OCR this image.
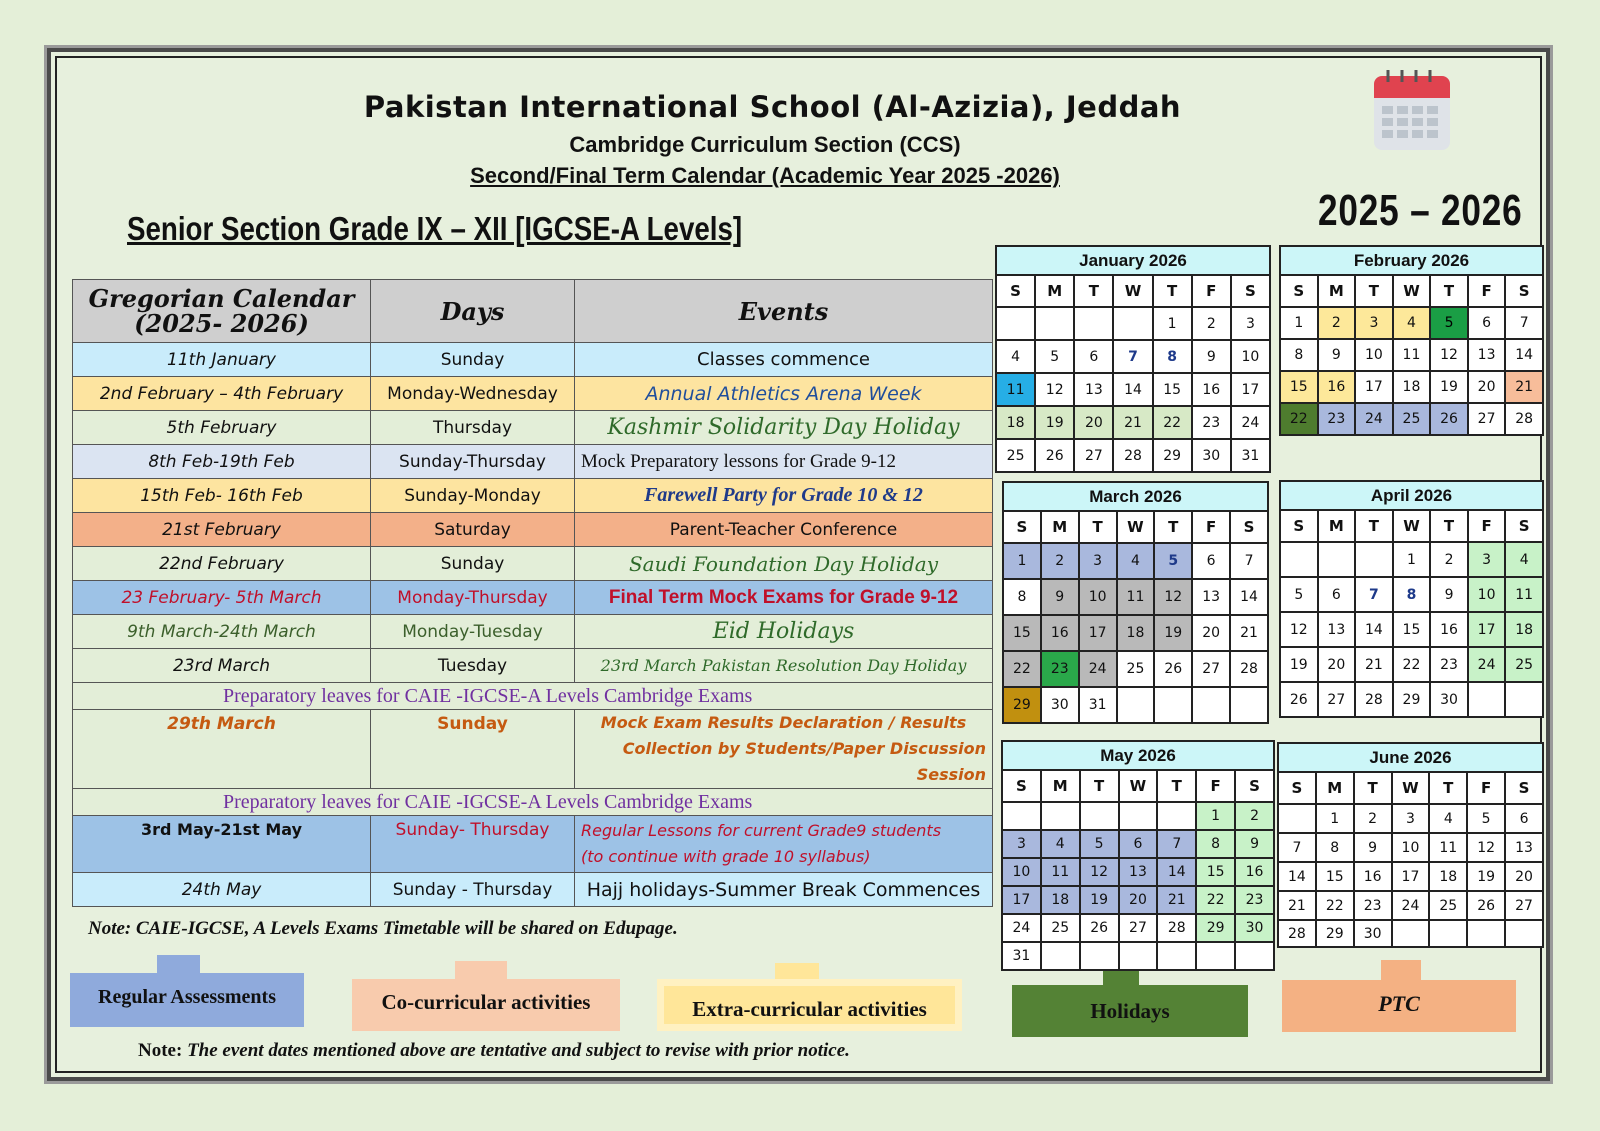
Pakistan International School (Al-Azizia), Jeddah
Cambridge Curriculum Section (CCS)
Second/Final Term Calendar (Academic Year 2025 -2026)
Senior Section Grade IX – XII [IGCSE-A Levels]	2025 – 2026
Gregorian Calendar (2025- 2026)	Days	Events
11th January	Sunday	Classes commence
2nd February – 4th February	Monday-Wednesday	Annual Athletics Arena Week
5th February	Thursday	Kashmir Solidarity Day Holiday
8th Feb-19th Feb	Sunday-Thursday	Mock Preparatory lessons for Grade 9-12
15th Feb- 16th Feb	Sunday-Monday	Farewell Party for Grade 10 & 12
21st February	Saturday	Parent-Teacher Conference
22nd February	Sunday	Saudi Foundation Day Holiday
23 February- 5th March	Monday-Thursday	Final Term Mock Exams for Grade 9-12
9th March-24th March	Monday-Tuesday	Eid Holidays
23rd March	Tuesday	23rd March Pakistan Resolution Day Holiday
Preparatory leaves for CAIE -IGCSE-A Levels Cambridge Exams		
29th March	Sunday	Mock Exam Results Declaration / Results
Collection by Students/Paper Discussion Session

Preparatory leaves for CAIE -IGCSE-A Levels Cambridge Exams		
3rd May-21st May	Sunday- Thursday	Regular Lessons for current Grade9 students
(to continue with grade 10 syllabus)

24th May	Sunday - Thursday	Hajj holidays-Summer Break Commences
Note: CAIE-IGCSE, A Levels Exams Timetable will be shared on Edupage.
Regular Assessments	Co-curricular activities	Extra-curricular activities	Holidays	PTC
Note: The event dates mentioned above are tentative and subject to revise with prior notice.
January 2026						
S	M	T	W	T	F	S
				1	2	3
4	5	6	7	8	9	10
11	12	13	14	15	16	17
18	19	20	21	22	23	24
25	26	27	28	29	30	31
February 2026						
S	M	T	W	T	F	S
1	2	3	4	5	6	7
8	9	10	11	12	13	14
15	16	17	18	19	20	21
22	23	24	25	26	27	28
March 2026						
S	M	T	W	T	F	S
1	2	3	4	5	6	7
8	9	10	11	12	13	14
15	16	17	18	19	20	21
22	23	24	25	26	27	28
29	30	31				
April 2026						
S	M	T	W	T	F	S
			1	2	3	4
5	6	7	8	9	10	11
12	13	14	15	16	17	18
19	20	21	22	23	24	25
26	27	28	29	30		
May 2026						
S	M	T	W	T	F	S
					1	2
3	4	5	6	7	8	9
10	11	12	13	14	15	16
17	18	19	20	21	22	23
24	25	26	27	28	29	30
31						
June 2026						
S	M	T	W	T	F	S
	1	2	3	4	5	6
7	8	9	10	11	12	13
14	15	16	17	18	19	20
21	22	23	24	25	26	27
28	29	30				
